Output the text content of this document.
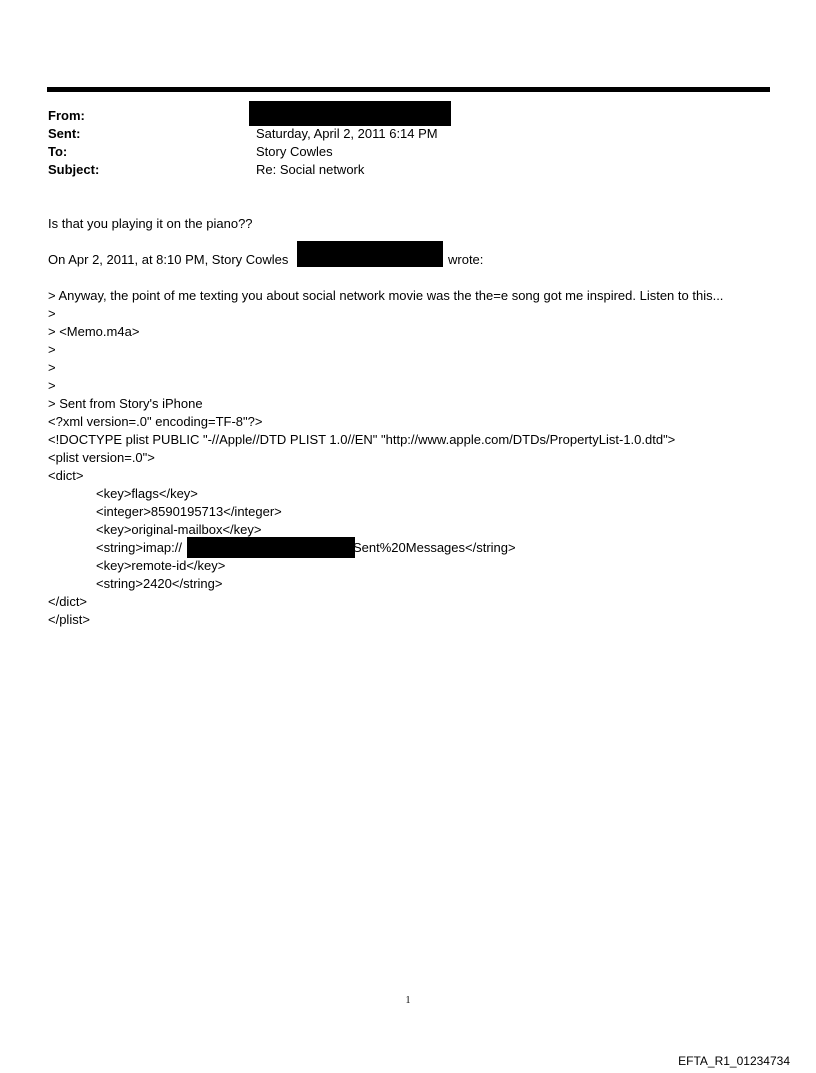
From:
Sent:	Saturday, April 2, 2011 6:14 PM
To:	Story Cowles
Subject:	Re: Social network
Is that you playing it on the piano??
On Apr 2, 2011, at 8:10 PM, Story Cowles	wrote:
> Anyway, the point of me texting you about social network movie was the the=e song got me inspired. Listen to this...
>
> <Memo.m4a>
>
>
>
> Sent from Story's iPhone
<?xml version=.0" encoding=TF-8"?>
<!DOCTYPE plist PUBLIC "-//Apple//DTD PLIST 1.0//EN" "http://www.apple.com/DTDs/PropertyList-1.0.dtd">
<plist version=.0">
<dict>
<key>flags</key>
<integer>8590195713</integer>
<key>original-mailbox</key>
<string>imap://	Sent%20Messages</string>
<key>remote-id</key>
<string>2420</string>
</dict>
</plist>
1
EFTA_R1_01234734
